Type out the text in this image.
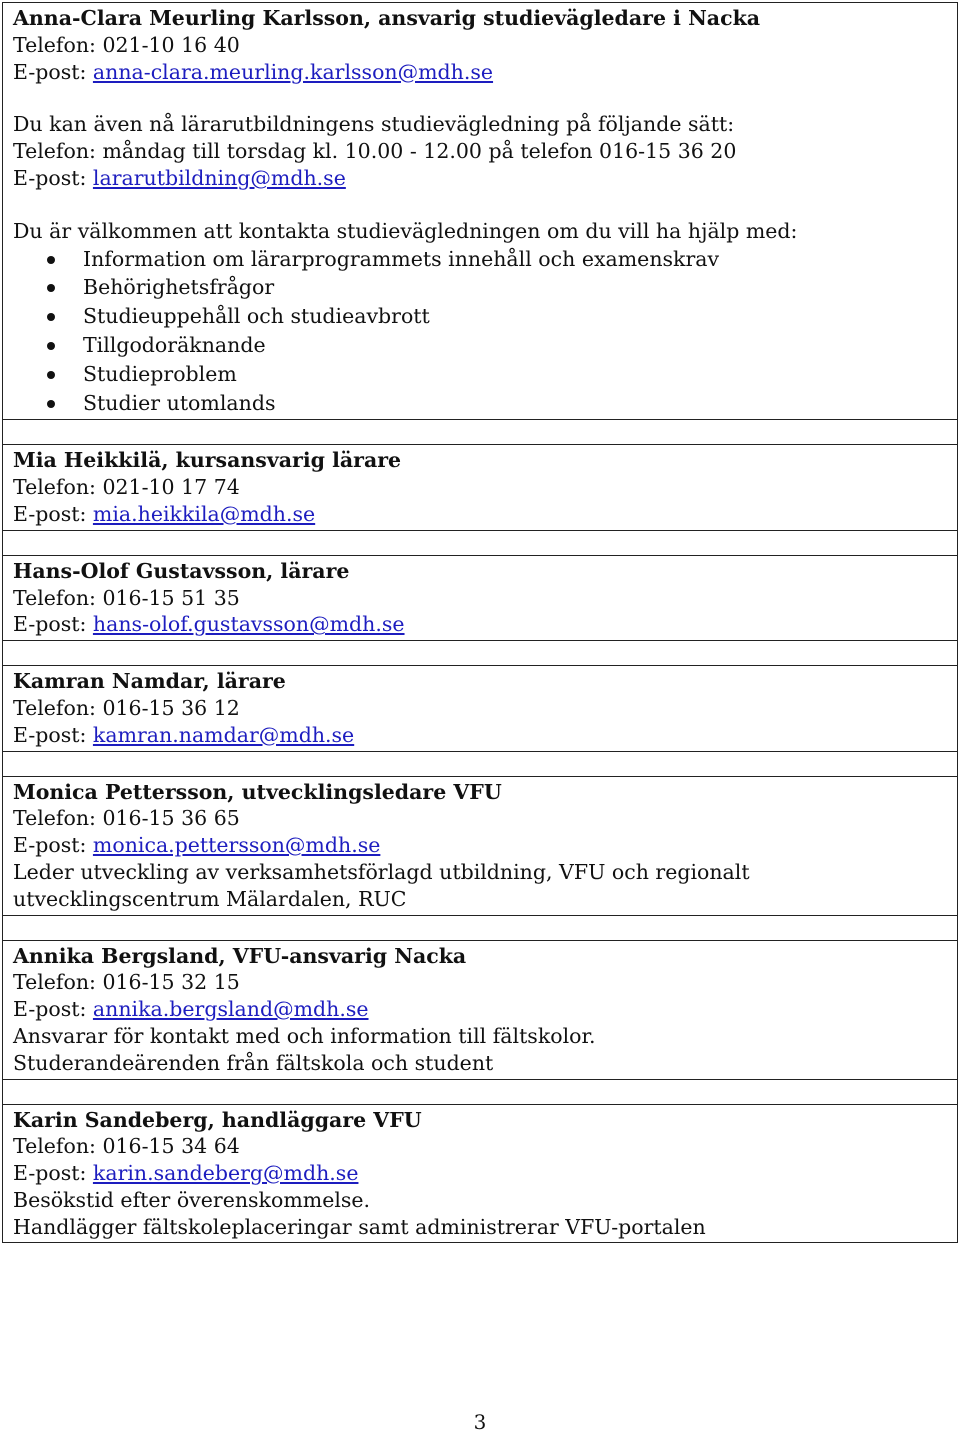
Anna-Clara Meurling Karlsson, ansvarig studievägledare i Nacka
Telefon: 021-10 16 40
E-post: anna-clara.meurling.karlsson@mdh.se
Du kan även nå lärarutbildningens studievägledning på följande sätt:
Telefon: måndag till torsdag kl. 10.00 - 12.00 på telefon 016-15 36 20
E-post: lararutbildning@mdh.se
Du är välkommen att kontakta studievägledningen om du vill ha hjälp med:
Information om lärarprogrammets innehåll och examenskrav
Behörighetsfrågor
Studieuppehåll och studieavbrott
Tillgodoräknande
Studieproblem
Studier utomlands
Mia Heikkilä, kursansvarig lärare
Telefon: 021-10 17 74
E-post: mia.heikkila@mdh.se
Hans-Olof Gustavsson, lärare
Telefon: 016-15 51 35
E-post: hans-olof.gustavsson@mdh.se
Kamran Namdar, lärare
Telefon: 016-15 36 12
E-post: kamran.namdar@mdh.se
Monica Pettersson, utvecklingsledare VFU
Telefon: 016-15 36 65
E-post: monica.pettersson@mdh.se
Leder utveckling av verksamhetsförlagd utbildning, VFU och regionalt
utvecklingscentrum Mälardalen, RUC
Annika Bergsland, VFU-ansvarig Nacka
Telefon: 016-15 32 15
E-post: annika.bergsland@mdh.se
Ansvarar för kontakt med och information till fältskolor.
Studerandeärenden från fältskola och student
Karin Sandeberg, handläggare VFU
Telefon: 016-15 34 64
E-post: karin.sandeberg@mdh.se
Besökstid efter överenskommelse.
Handlägger fältskoleplaceringar samt administrerar VFU-portalen
3
